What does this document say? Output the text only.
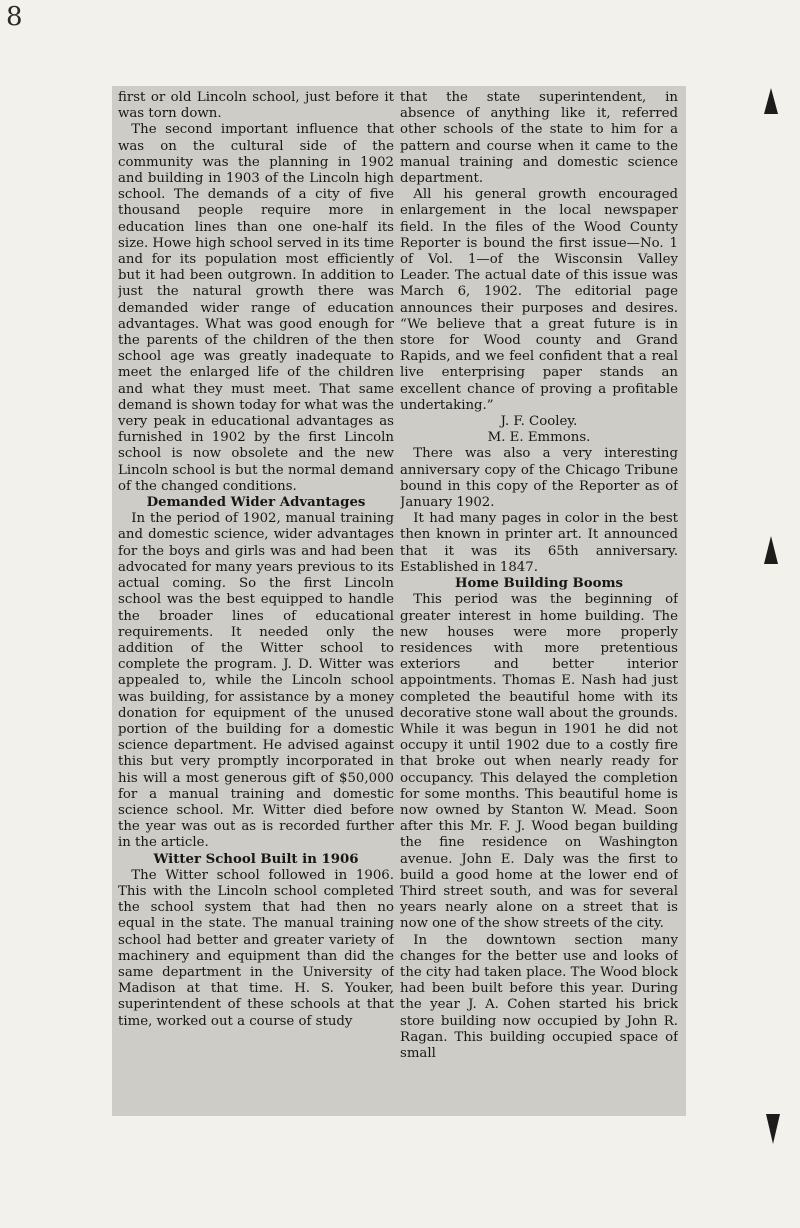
8

first or old Lincoln school, just before it was torn down.

The second important influence that was on the cultural side of the community was the planning in 1902 and building in 1903 of the Lincoln high school. The demands of a city of five thousand people require more in education lines than one one-half its size. Howe high school served in its time and for its population most efficiently but it had been outgrown. In addition to just the natural growth there was demanded wider range of education advantages. What was good enough for the parents of the children of the then school age was greatly inadequate to meet the enlarged life of the children and what they must meet. That same demand is shown today for what was the very peak in educational advantages as furnished in 1902 by the first Lincoln school is now obsolete and the new Lincoln school is but the normal demand of the changed conditions.

Demanded Wider Advantages

In the period of 1902, manual training and domestic science, wider advantages for the boys and girls was and had been advocated for many years previous to its actual coming. So the first Lincoln school was the best equipped to handle the broader lines of educational requirements. It needed only the addition of the Witter school to complete the program. J. D. Witter was appealed to, while the Lincoln school was building, for assistance by a money donation for equipment of the unused portion of the building for a domestic science department. He advised against this but very promptly incorporated in his will a most generous gift of $50,000 for a manual training and domestic science school. Mr. Witter died before the year was out as is recorded further in the article.

Witter School Built in 1906

The Witter school followed in 1906. This with the Lincoln school completed the school system that had then no equal in the state. The manual training school had better and greater variety of machinery and equipment than did the same department in the University of Madison at that time. H. S. Youker, superintendent of these schools at that time, worked out a course of study

that the state superintendent, in absence of anything like it, referred other schools of the state to him for a pattern and course when it came to the manual training and domestic science department.

All his general growth encouraged enlargement in the local newspaper field. In the files of the Wood County Reporter is bound the first issue—No. 1 of Vol. 1—of the Wisconsin Valley Leader. The actual date of this issue was March 6, 1902. The editorial page announces their purposes and desires. “We believe that a great future is in store for Wood county and Grand Rapids, and we feel confident that a real live enterprising paper stands an excellent chance of proving a profitable undertaking.”

J. F. Cooley.

M. E. Emmons.

There was also a very interesting anniversary copy of the Chicago Tribune bound in this copy of the Reporter as of January 1902.

It had many pages in color in the best then known in printer art. It announced that it was its 65th anniversary. Established in 1847.

Home Building Booms

This period was the beginning of greater interest in home building. The new houses were more properly residences with more pretentious exteriors and better interior appointments. Thomas E. Nash had just completed the beautiful home with its decorative stone wall about the grounds. While it was begun in 1901 he did not occupy it until 1902 due to a costly fire that broke out when nearly ready for occupancy. This delayed the completion for some months. This beautiful home is now owned by Stanton W. Mead. Soon after this Mr. F. J. Wood began building the fine residence on Washington avenue. John E. Daly was the first to build a good home at the lower end of Third street south, and was for several years nearly alone on a street that is now one of the show streets of the city.

In the downtown section many changes for the better use and looks of the city had taken place. The Wood block had been built before this year. During the year J. A. Cohen started his brick store building now occupied by John R. Ragan. This building occupied space of small
